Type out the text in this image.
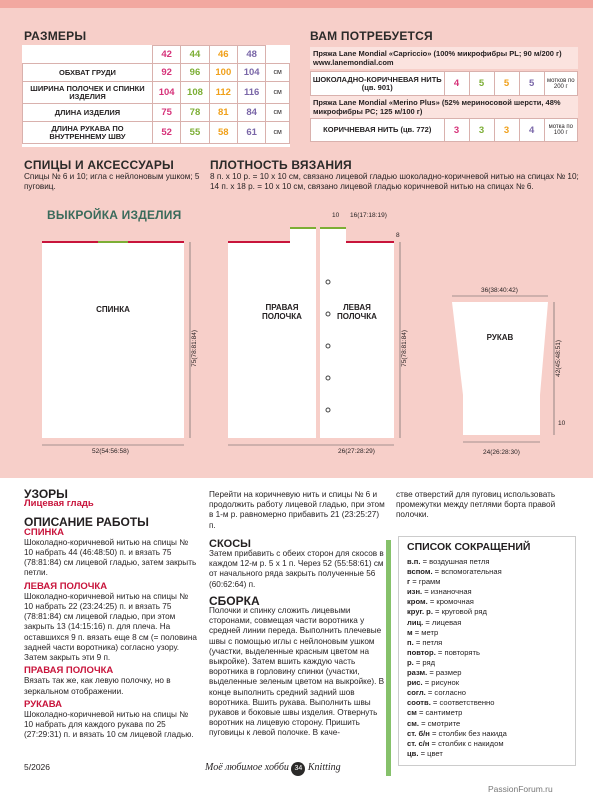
РАЗМЕРЫ
	42	44	46	48	
ОБХВАТ ГРУДИ	92	96	100	104	см
ШИРИНА ПОЛОЧЕК И СПИНКИ ИЗДЕЛИЯ	104	108	112	116	см
ДЛИНА ИЗДЕЛИЯ	75	78	81	84	см
ДЛИНА РУКАВА ПО ВНУТРЕННЕМУ ШВУ	52	55	58	61	см
ВАМ ПОТРЕБУЕТСЯ
Пряжа Lane Mondial «Capriccio» (100% микрофибры PL; 90 м/200 г)
www.lanemondial.com
ШОКОЛАДНО-КОРИЧНЕВАЯ НИТЬ (цв. 901)	4	5	5	5	мотков по 200 г
Пряжа Lane Mondial «Merino Plus» (52% мериносовой шерсти, 48% микрофибры PC; 125 м/100 г)
КОРИЧНЕВАЯ НИТЬ (цв. 772)	3	3	3	4	мотка по 100 г
СПИЦЫ И АКСЕССУАРЫ
Спицы № 6 и 10; игла с нейлоновым ушком; 5 пуговиц.
ПЛОТНОСТЬ ВЯЗАНИЯ
8 п. х 10 р. = 10 х 10 см, связано лицевой гладью шоколадно-коричневой нитью на спицах № 10; 14 п. х 18 р. = 10 х 10 см, связано лицевой гладью коричневой нитью на спицах № 6.
ВЫКРОЙКА ИЗДЕЛИЯ
СПИНКА	ПРАВАЯ ПОЛОЧКА
ЛЕВАЯ ПОЛОЧКА
РУКАВ
52(54:56:58)
75(78:81:84)
26(27:28:29)
75(78:81:84)
10 16(17:18:19)
8
36(38:40:42)
24(26:28:30)
42(45:48:51)
10
УЗОРЫ
Лицевая гладь
ОПИСАНИЕ РАБОТЫ
СПИНКА
Шоколадно-коричневой нитью на спицы № 10 набрать 44 (46:48:50) п. и вязать 75 (78:81:84) см лицевой гладью, затем закрыть петли.
ЛЕВАЯ ПОЛОЧКА
Шоколадно-коричневой нитью на спицы № 10 набрать 22 (23:24:25) п. и вязать 75 (78:81:84) см лицевой гладью, при этом закрыть 13 (14:15:16) п. для плеча. На оставшихся 9 п. вязать еще 8 см (= половина задней части воротника) согласно узору. Затем закрыть эти 9 п.
ПРАВАЯ ПОЛОЧКА
Вязать так же, как левую полочку, но в зеркальном отображении.
РУКАВА
Шоколадно-коричневой нитью на спицы № 10 набрать для каждого рукава по 25 (27:29:31) п. и вязать 10 см лицевой гладью.
Перейти на коричневую нить и спицы № 6 и продолжить работу лицевой гладью, при этом в 1-м р. равномерно прибавить 21 (23:25:27) п.
СКОСЫ
Затем прибавить с обеих сторон для скосов в каждом 12-м р. 5 х 1 п. Через 52 (55:58:61) см от начального ряда закрыть полученные 56 (60:62:64) п.
СБОРКА
Полочки и спинку сложить лицевыми сторонами, совмещая части воротника у средней линии переда. Выполнить плечевые швы с помощью иглы с нейлоновым ушком (участки, выделенные красным цветом на выкройке). Затем вшить каждую часть воротника в горловину спинки (участки, выделенные зеленым цветом на выкройке). В конце выполнить средний задний шов воротника. Вшить рукава. Выполнить швы рукавов и боковые швы изделия. Отвернуть воротник на лицевую сторону. Пришить пуговицы к левой полочке. В каче-
стве отверстий для пуговиц использовать промежутки между петлями борта правой полочки.
СПИСОК СОКРАЩЕНИЙ
в.п. = воздушная петля
вспом. = вспомогательная
г = грамм
изн. = изнаночная
кром. = кромочная
круг. р. = круговой ряд
лиц. = лицевая
м = метр
п. = петля
повтор. = повторять
р. = ряд
разм. = размер
рис. = рисунок
согл. = согласно
соотв. = соответственно
см = сантиметр
см. = смотрите
ст. б/н = столбик без накида
ст. с/н = столбик с накидом
цв. = цвет
5/2026	Моё любимое хобби 34 Knitting
PassionForum.ru
